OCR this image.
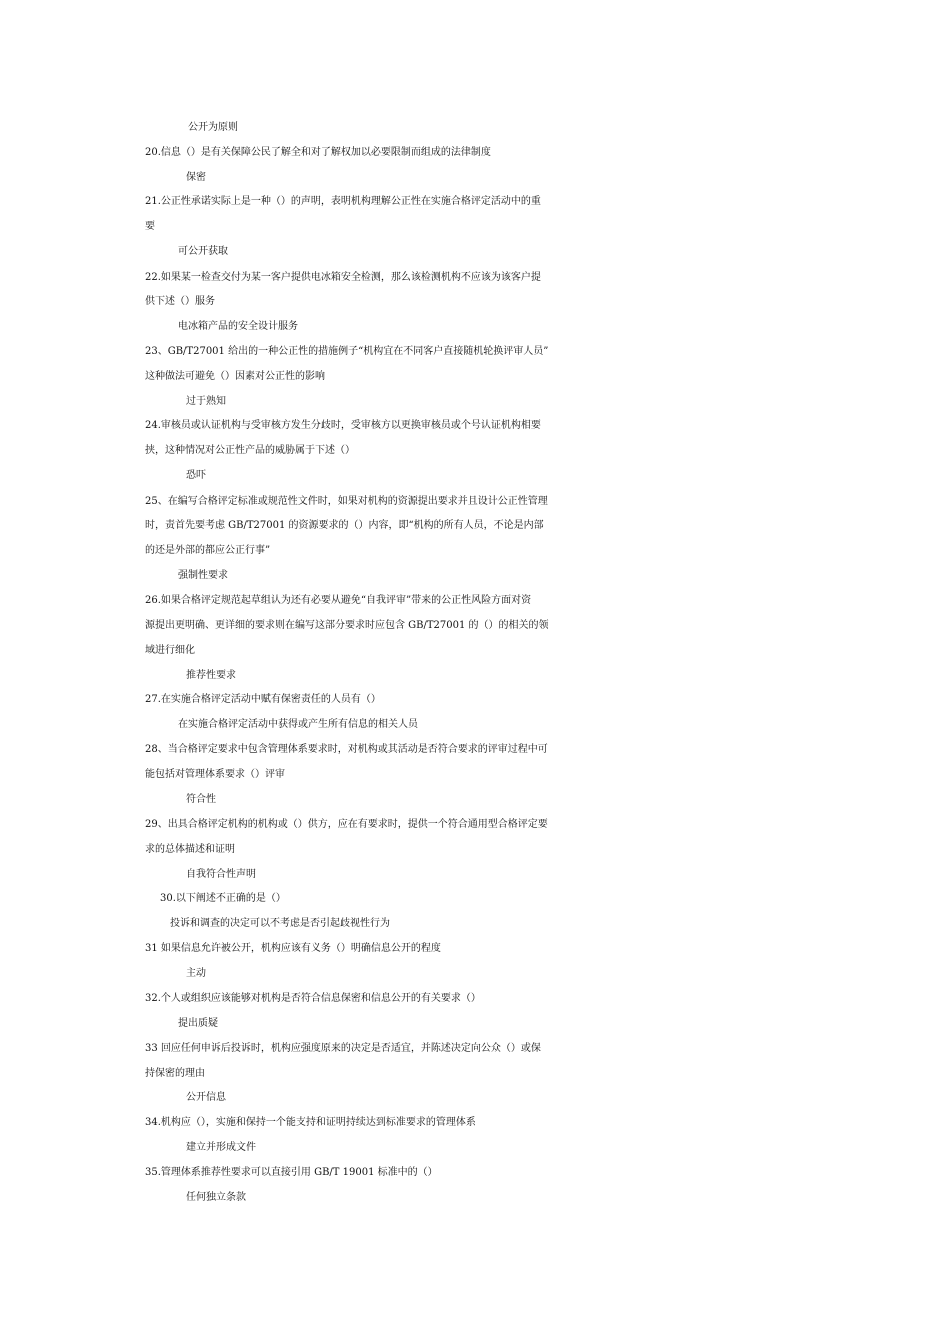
公开为原则
20.信息（）是有关保障公民了解全和对了解权加以必要限制而组成的法律制度
保密
21.公正性承诺实际上是一种（）的声明，表明机构理解公正性在实施合格评定活动中的重
要
可公开获取
22.如果某一检查交付为某一客户提供电冰箱安全检测，那么该检测机构不应该为该客户提
供下述（）服务
电冰箱产品的安全设计服务
23、GB/T27001 给出的一种公正性的措施例子“机构宜在不同客户直接随机轮换评审人员”
这种做法可避免（）因素对公正性的影响
过于熟知
24.审核员或认证机构与受审核方发生分歧时，受审核方以更换审核员或个号认证机构相要
挟，这种情况对公正性产品的威胁属于下述（）
恐吓
25、在编写合格评定标准或规范性文件时，如果对机构的资源提出要求并且设计公正性管理
时，责首先要考虑 GB/T27001 的资源要求的（）内容，即“机构的所有人员，不论是内部
的还是外部的都应公正行事”
强制性要求
26.如果合格评定规范起草组认为还有必要从避免“自我评审”带来的公正性风险方面对资
源提出更明确、更详细的要求则在编写这部分要求时应包含 GB/T27001 的（）的相关的领
域进行细化
推荐性要求
27.在实施合格评定活动中赋有保密责任的人员有（）
在实施合格评定活动中获得或产生所有信息的相关人员
28、当合格评定要求中包含管理体系要求时，对机构或其活动是否符合要求的评审过程中可
能包括对管理体系要求（）评审
符合性
29、出具合格评定机构的机构或（）供方，应在有要求时，提供一个符合通用型合格评定要
求的总体描述和证明
自我符合性声明
30.以下阐述不正确的是（）
投诉和调查的决定可以不考虑是否引起歧视性行为
31 如果信息允许被公开，机构应该有义务（）明确信息公开的程度
主动
32.个人或组织应该能够对机构是否符合信息保密和信息公开的有关要求（）
提出质疑
33 回应任何申诉后投诉时，机构应强度原来的决定是否适宜，并陈述决定向公众（）或保
持保密的理由
公开信息
34.机构应（），实施和保持一个能支持和证明持续达到标准要求的管理体系
建立并形成文件
35.管理体系推荐性要求可以直接引用 GB/T 19001 标准中的（）
任何独立条款
